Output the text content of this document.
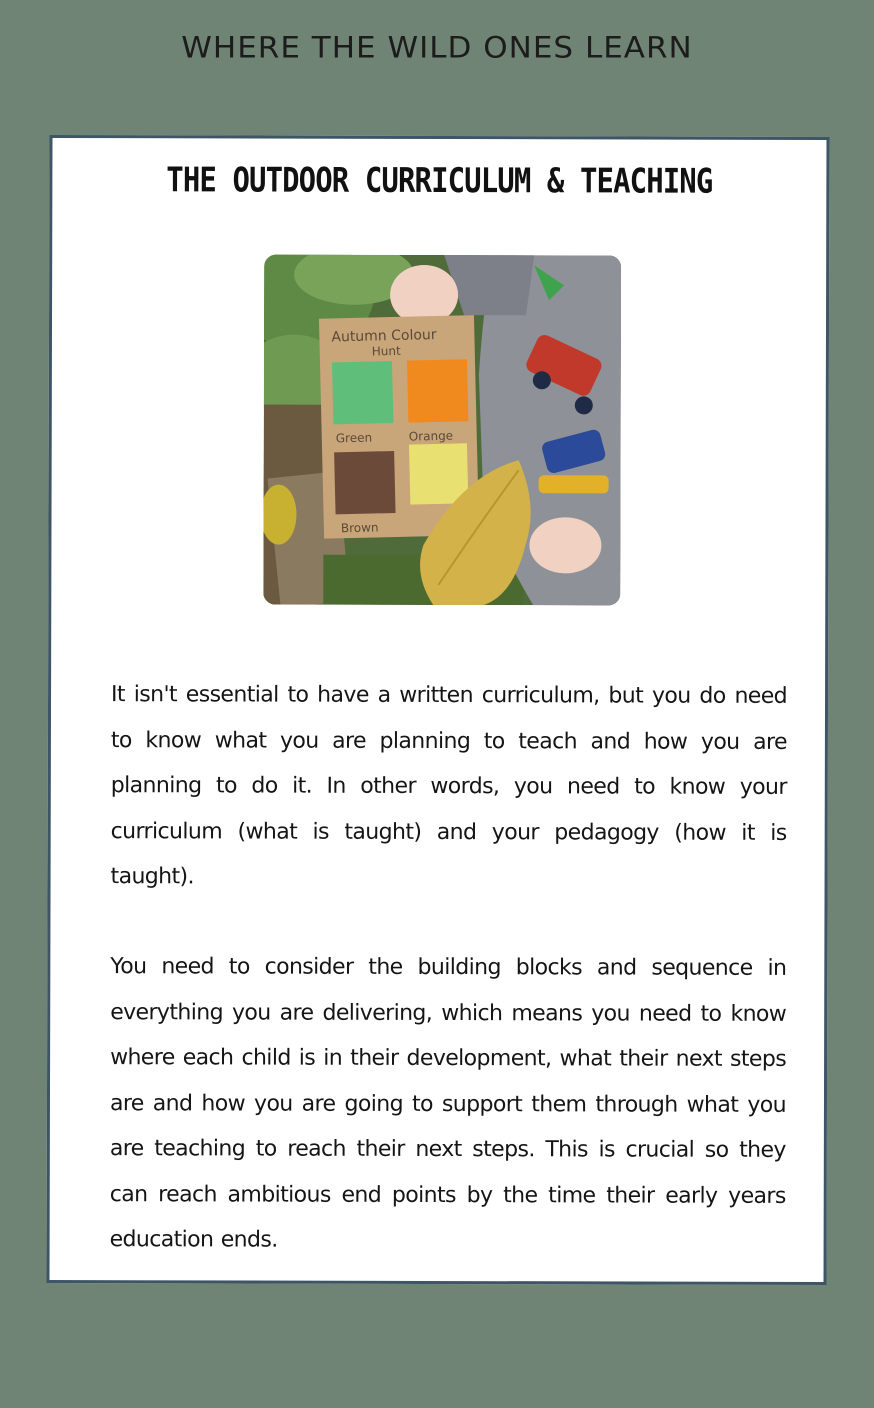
WHERE THE WILD ONES LEARN
THE OUTDOOR CURRICULUM & TEACHING
Autumn Colour
Hunt
Green	Orange
Brown

It isn't essential to have a written curriculum, but you do need to know what you are planning to teach and how you are planning to do it. In other words, you need to know your curriculum (what is taught) and your pedagogy (how it is taught).

You need to consider the building blocks and sequence in everything you are delivering, which means you need to know where each child is in their development, what their next steps are and how you are going to support them through what you are teaching to reach their next steps. This is crucial so they can reach ambitious end points by the time their early years education ends.
